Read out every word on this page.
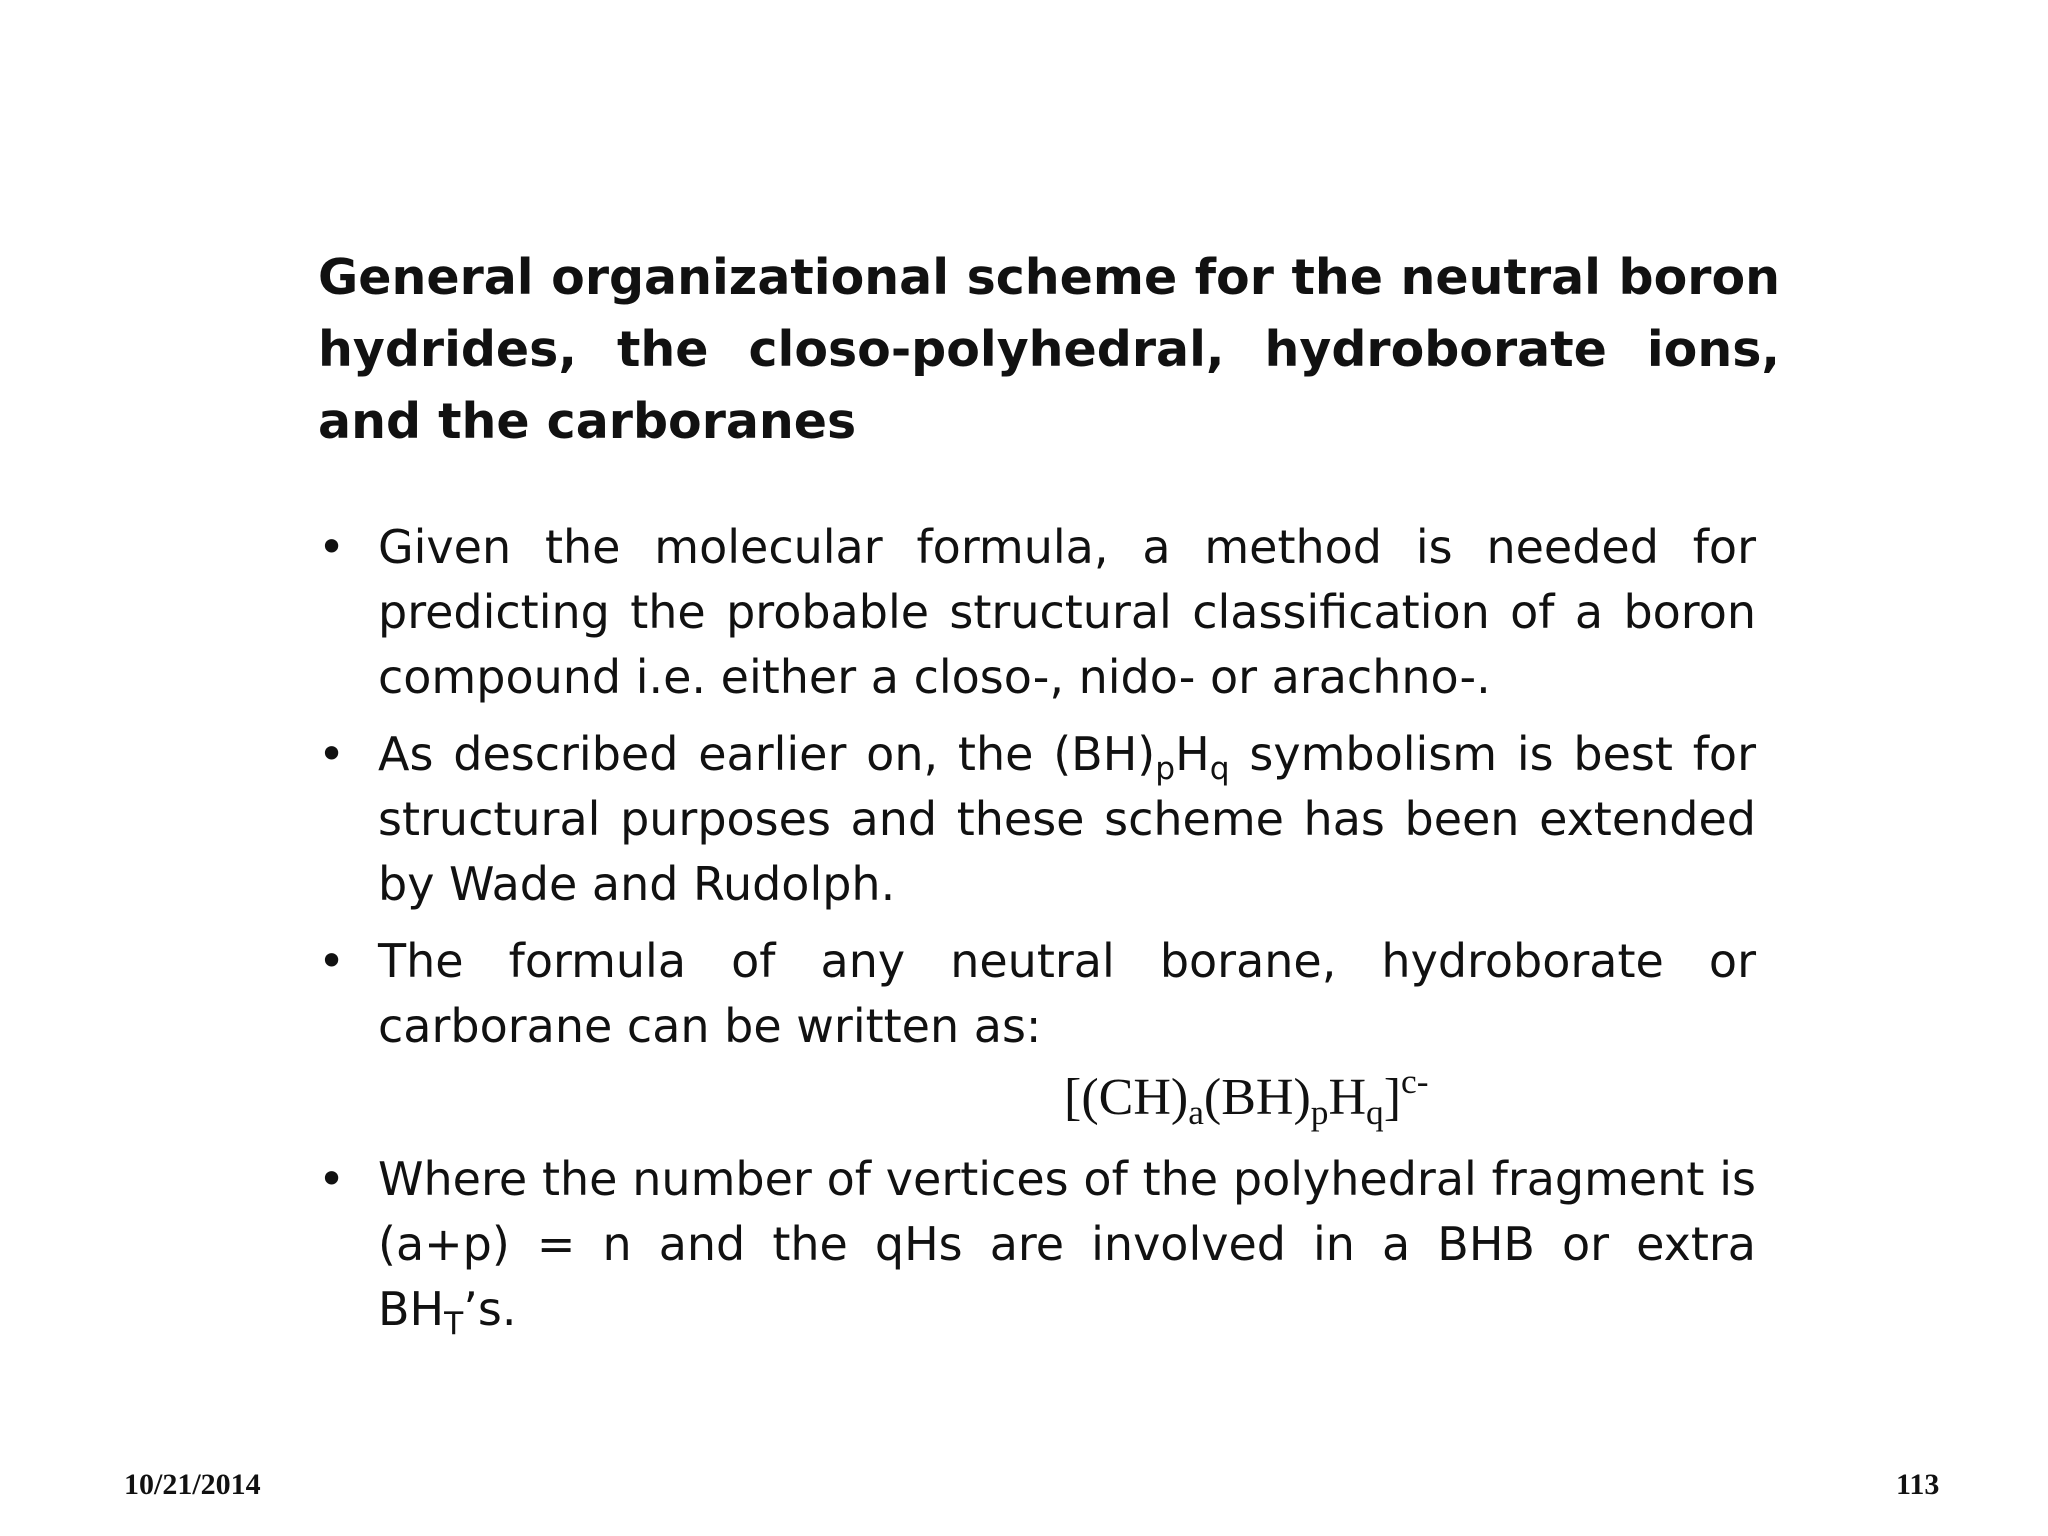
General organizational scheme for the neutral boron hydrides, the closo-polyhedral, hydroborate ions, and the carboranes
• Given the molecular formula, a method is needed for predicting the probable structural classification of a boron compound i.e. either a closo-, nido- or arachno-.
• As described earlier on, the $(BH)_pH_q$ symbolism is best for structural purposes and these scheme has been extended by Wade and Rudolph.
• The formula of any neutral borane, hydroborate or carborane can be written as:
$[(CH)_a(BH)_pH_q]^{c-}$
• Where the number of vertices of the polyhedral fragment is (a+p) = n and the qHs are involved in a BHB or extra $BH_T’s$.
10/21/2014	113
